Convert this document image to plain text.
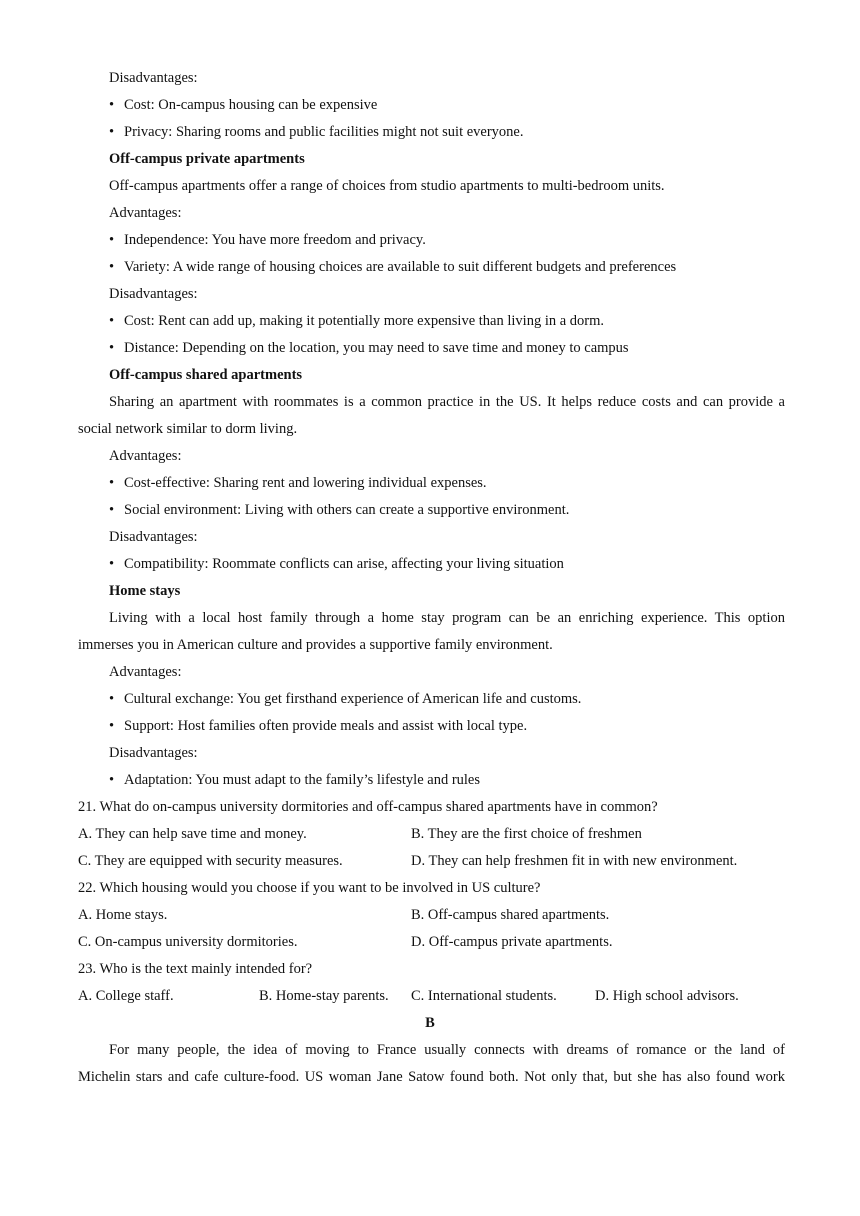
Disadvantages:
• Cost: On-campus housing can be expensive
• Privacy: Sharing rooms and public facilities might not suit everyone.
Off-campus private apartments
Off-campus apartments offer a range of choices from studio apartments to multi-bedroom units.
Advantages:
• Independence: You have more freedom and privacy.
• Variety: A wide range of housing choices are available to suit different budgets and preferences
Disadvantages:
• Cost: Rent can add up, making it potentially more expensive than living in a dorm.
• Distance: Depending on the location, you may need to save time and money to campus
Off-campus shared apartments
Sharing an apartment with roommates is a common practice in the US. It helps reduce costs and can provide a
social network similar to dorm living.
Advantages:
• Cost-effective: Sharing rent and lowering individual expenses.
• Social environment: Living with others can create a supportive environment.
Disadvantages:
• Compatibility: Roommate conflicts can arise, affecting your living situation
Home stays
Living with a local host family through a home stay program can be an enriching experience. This option
immerses you in American culture and provides a supportive family environment.
Advantages:
• Cultural exchange: You get firsthand experience of American life and customs.
• Support: Host families often provide meals and assist with local type.
Disadvantages:
• Adaptation: You must adapt to the family’s lifestyle and rules
21. What do on-campus university dormitories and off-campus shared apartments have in common?
A. They can help save time and money.	B. They are the first choice of freshmen
C. They are equipped with security measures.	D. They can help freshmen fit in with new environment.
22. Which housing would you choose if you want to be involved in US culture?
A. Home stays.	B. Off-campus shared apartments.
C. On-campus university dormitories.	D. Off-campus private apartments.
23. Who is the text mainly intended for?
A. College staff.	B. Home-stay parents. C. International students.	D. High school advisors.
B
For many people, the idea of moving to France usually connects with dreams of romance or the land of
Michelin stars and cafe culture-food. US woman Jane Satow found both. Not only that, but she has also found work
